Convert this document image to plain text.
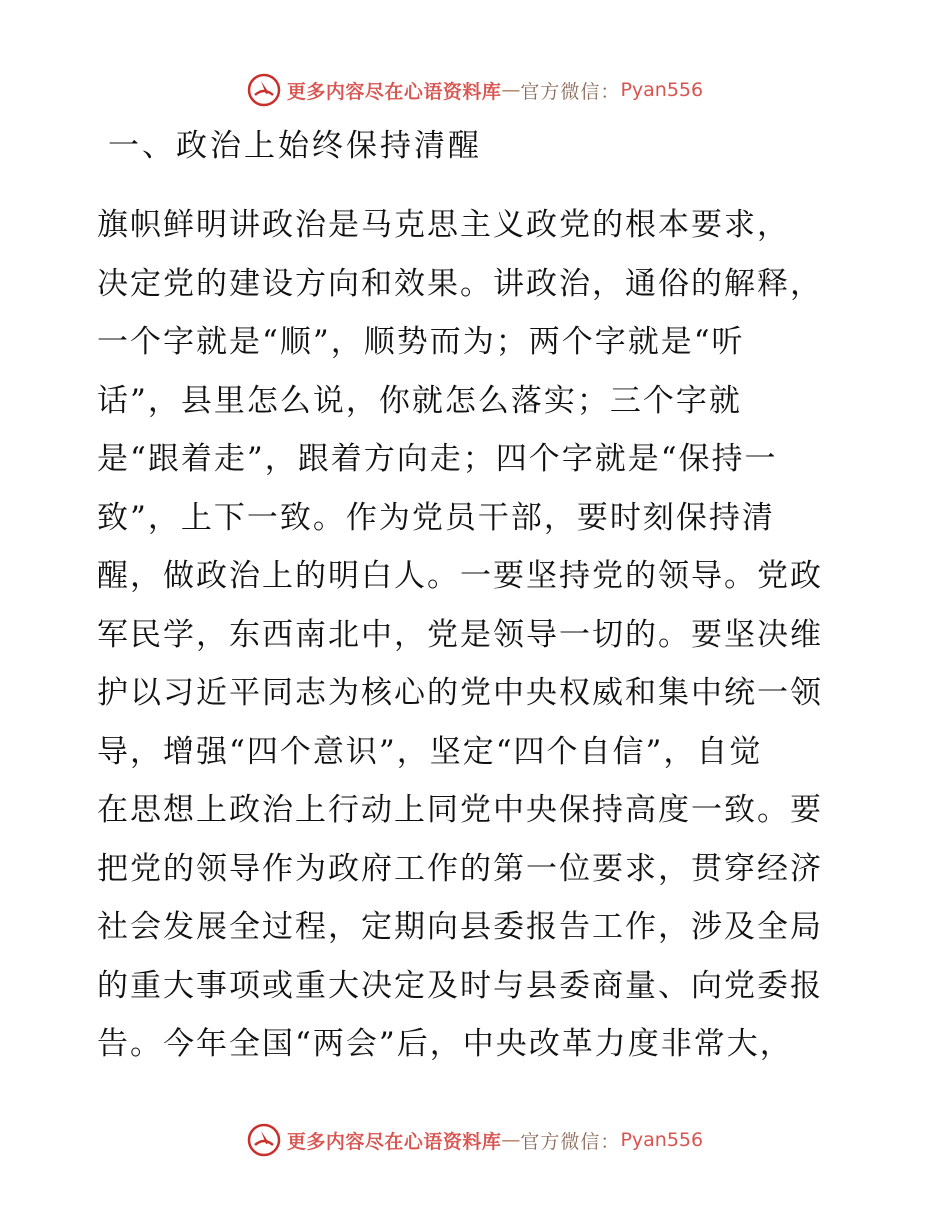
更多内容尽在心语资料库 — 官方微信： Pyan556
一、政治上始终保持清醒
旗帜鲜明讲政治是马克思主义政党的根本要求，
决定党的建设方向和效果。讲政治，通俗的解释，
一个字就是“顺”，顺势而为；两个字就是“听
话”，县里怎么说，你就怎么落实；三个字就
是“跟着走”，跟着方向走；四个字就是“保持一
致”，上下一致。作为党员干部，要时刻保持清
醒，做政治上的明白人。一要坚持党的领导。党政
军民学，东西南北中，党是领导一切的。要坚决维
护以习近平同志为核心的党中央权威和集中统一领
导，增强“四个意识”，坚定“四个自信”，自觉
在思想上政治上行动上同党中央保持高度一致。要
把党的领导作为政府工作的第一位要求，贯穿经济
社会发展全过程，定期向县委报告工作，涉及全局
的重大事项或重大决定及时与县委商量、向党委报
告。今年全国“两会”后，中央改革力度非常大，
更多内容尽在心语资料库 — 官方微信： Pyan556
